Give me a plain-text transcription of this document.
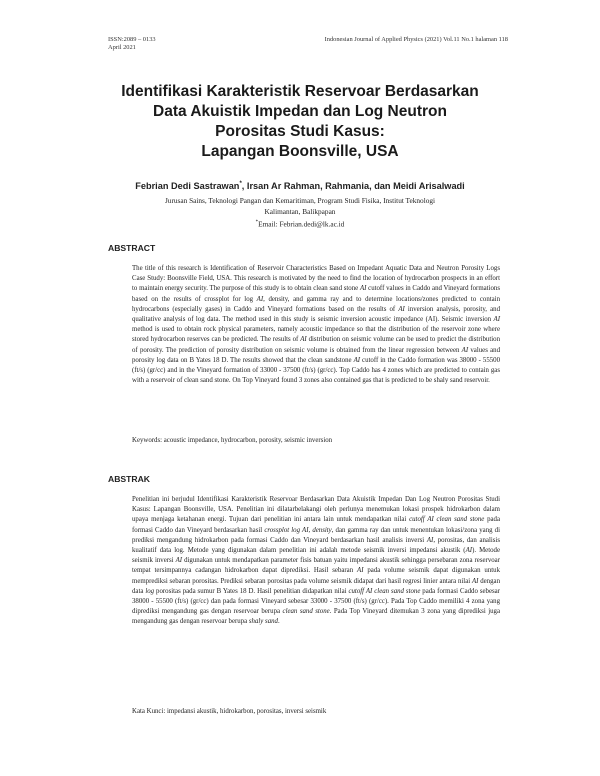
ISSN:2089 – 0133
April 2021
Indonesian Journal of Applied Physics (2021) Vol.11 No.1 halaman 118
Identifikasi Karakteristik Reservoar Berdasarkan
Data Akuistik Impedan dan Log Neutron
Porositas Studi Kasus:
Lapangan Boonsville, USA
Febrian Dedi Sastrawan*, Irsan Ar Rahman, Rahmania, dan Meidi Arisalwadi
Jurusan Sains, Teknologi Pangan dan Kemaritiman, Program Studi Fisika, Institut Teknologi
Kalimantan, Balikpapan
*Email: Febrian.dedi@lk.ac.id
ABSTRACT
The title of this research is Identification of Reservoir Characteristics Based on Impedant Aquatic Data and Neutron Porosity Logs Case Study: Boonsville Field, USA. This research is motivated by the need to find the location of hydrocarbon prospects in an effort to maintain energy security. The purpose of this study is to obtain clean sand stone AI cutoff values in Caddo and Vineyard formations based on the results of crossplot for log AI, density, and gamma ray and to determine locations/zones predicted to contain hydrocarbons (especially gases) in Caddo and Vineyard formations based on the results of AI inversion analysis, porosity, and qualitative analysis of log data. The method used in this study is seismic inversion acoustic impedance (AI). Seismic inversion AI method is used to obtain rock physical parameters, namely acoustic impedance so that the distribution of the reservoir zone where stored hydrocarbon reserves can be predicted. The results of AI distribution on seismic volume can be used to predict the distribution of porosity. The prediction of porosity distribution on seismic volume is obtained from the linear regression between AI values and porosity log data on B Yates 18 D. The results showed that the clean sandstone AI cutoff in the Caddo formation was 38000 - 55500 (ft/s) (gr/cc) and in the Vineyard formation of 33000 - 37500 (ft/s) (gr/cc). Top Caddo has 4 zones which are predicted to contain gas with a reservoir of clean sand stone. On Top Vineyard found 3 zones also contained gas that is predicted to be shaly sand reservoir.
Keywords: acoustic impedance, hydrocarbon, porosity, seismic inversion
ABSTRAK
Penelitian ini berjudul Identifikasi Karakteristik Reservoar Berdasarkan Data Akuistik Impedan Dan Log Neutron Porositas Studi Kasus: Lapangan Boonsville, USA. Penelitian ini dilatarbelakangi oleh perlunya menemukan lokasi prospek hidrokarbon dalam upaya menjaga ketahanan energi. Tujuan dari penelitian ini antara lain untuk mendapatkan nilai cutoff AI clean sand stone pada formasi Caddo dan Vineyard berdasarkan hasil crossplot log AI, density, dan gamma ray dan untuk menentukan lokasi/zona yang di prediksi mengandung hidrokarbon pada formasi Caddo dan Vineyard berdasarkan hasil analisis inversi AI, porositas, dan analisis kualitatif data log. Metode yang digunakan dalam penelitian ini adalah metode seismik inversi impedansi akustik (AI). Metode seismik inversi AI digunakan untuk mendapatkan parameter fisis batuan yaitu impedansi akustik sehingga persebaran zona reservoar tempat tersimpannya cadangan hidrokarbon dapat diprediksi. Hasil sebaran AI pada volume seismik dapat digunakan untuk memprediksi sebaran porositas. Prediksi sebaran porositas pada volume seismik didapat dari hasil regresi linier antara nilai AI dengan data log porositas pada sumur B Yates 18 D. Hasil penelitian didapatkan nilai cutoff AI clean sand stone pada formasi Caddo sebesar 38000 - 55500 (ft/s) (gr/cc) dan pada formasi Vineyard sebesar 33000 - 37500 (ft/s) (gr/cc). Pada Top Caddo memiliki 4 zona yang diprediksi mengandung gas dengan reservoar berupa clean sand stone. Pada Top Vineyard ditemukan 3 zona yang diprediksi juga mengandung gas dengan reservoar berupa shaly sand.
Kata Kunci: impedansi akustik, hidrokarbon, porositas, inversi seismik
